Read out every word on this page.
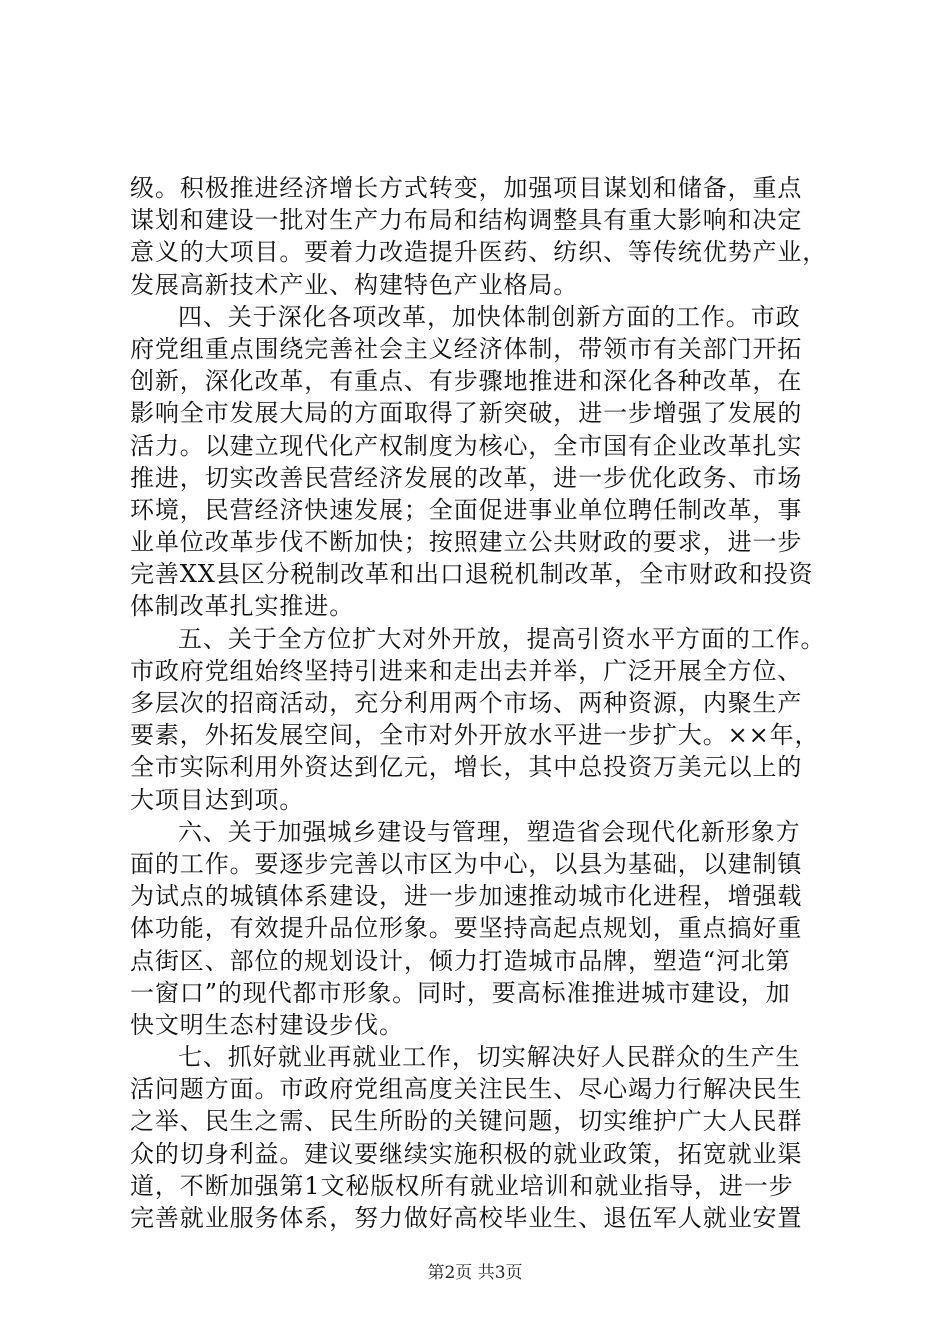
级。积极推进经济增长方式转变，加强项目谋划和储备，重点
谋划和建设一批对生产力布局和结构调整具有重大影响和决定
意义的大项目。要着力改造提升医药、纺织、等传统优势产业，
发展高新技术产业、构建特色产业格局。
四、关于深化各项改革，加快体制创新方面的工作。市政
府党组重点围绕完善社会主义经济体制，带领市有关部门开拓
创新，深化改革，有重点、有步骤地推进和深化各种改革，在
影响全市发展大局的方面取得了新突破，进一步增强了发展的
活力。以建立现代化产权制度为核心，全市国有企业改革扎实
推进，切实改善民营经济发展的改革，进一步优化政务、市场
环境，民营经济快速发展；全面促进事业单位聘任制改革，事
业单位改革步伐不断加快；按照建立公共财政的要求，进一步
完善XX县区分税制改革和出口退税机制改革，全市财政和投资
体制改革扎实推进。
五、关于全方位扩大对外开放，提高引资水平方面的工作。
市政府党组始终坚持引进来和走出去并举，广泛开展全方位、
多层次的招商活动，充分利用两个市场、两种资源，内聚生产
要素，外拓发展空间，全市对外开放水平进一步扩大。××年，
全市实际利用外资达到亿元，增长，其中总投资万美元以上的
大项目达到项。
六、关于加强城乡建设与管理，塑造省会现代化新形象方
面的工作。要逐步完善以市区为中心，以县为基础，以建制镇
为试点的城镇体系建设，进一步加速推动城市化进程，增强载
体功能，有效提升品位形象。要坚持高起点规划，重点搞好重
点街区、部位的规划设计，倾力打造城市品牌，塑造“河北第
一窗口”的现代都市形象。同时，要高标准推进城市建设，加
快文明生态村建设步伐。
七、抓好就业再就业工作，切实解决好人民群众的生产生
活问题方面。市政府党组高度关注民生、尽心竭力行解决民生
之举、民生之需、民生所盼的关键问题，切实维护广大人民群
众的切身利益。建议要继续实施积极的就业政策，拓宽就业渠
道，不断加强第1文秘版权所有就业培训和就业指导，进一步
完善就业服务体系，努力做好高校毕业生、退伍军人就业安置
第2页 共3页
